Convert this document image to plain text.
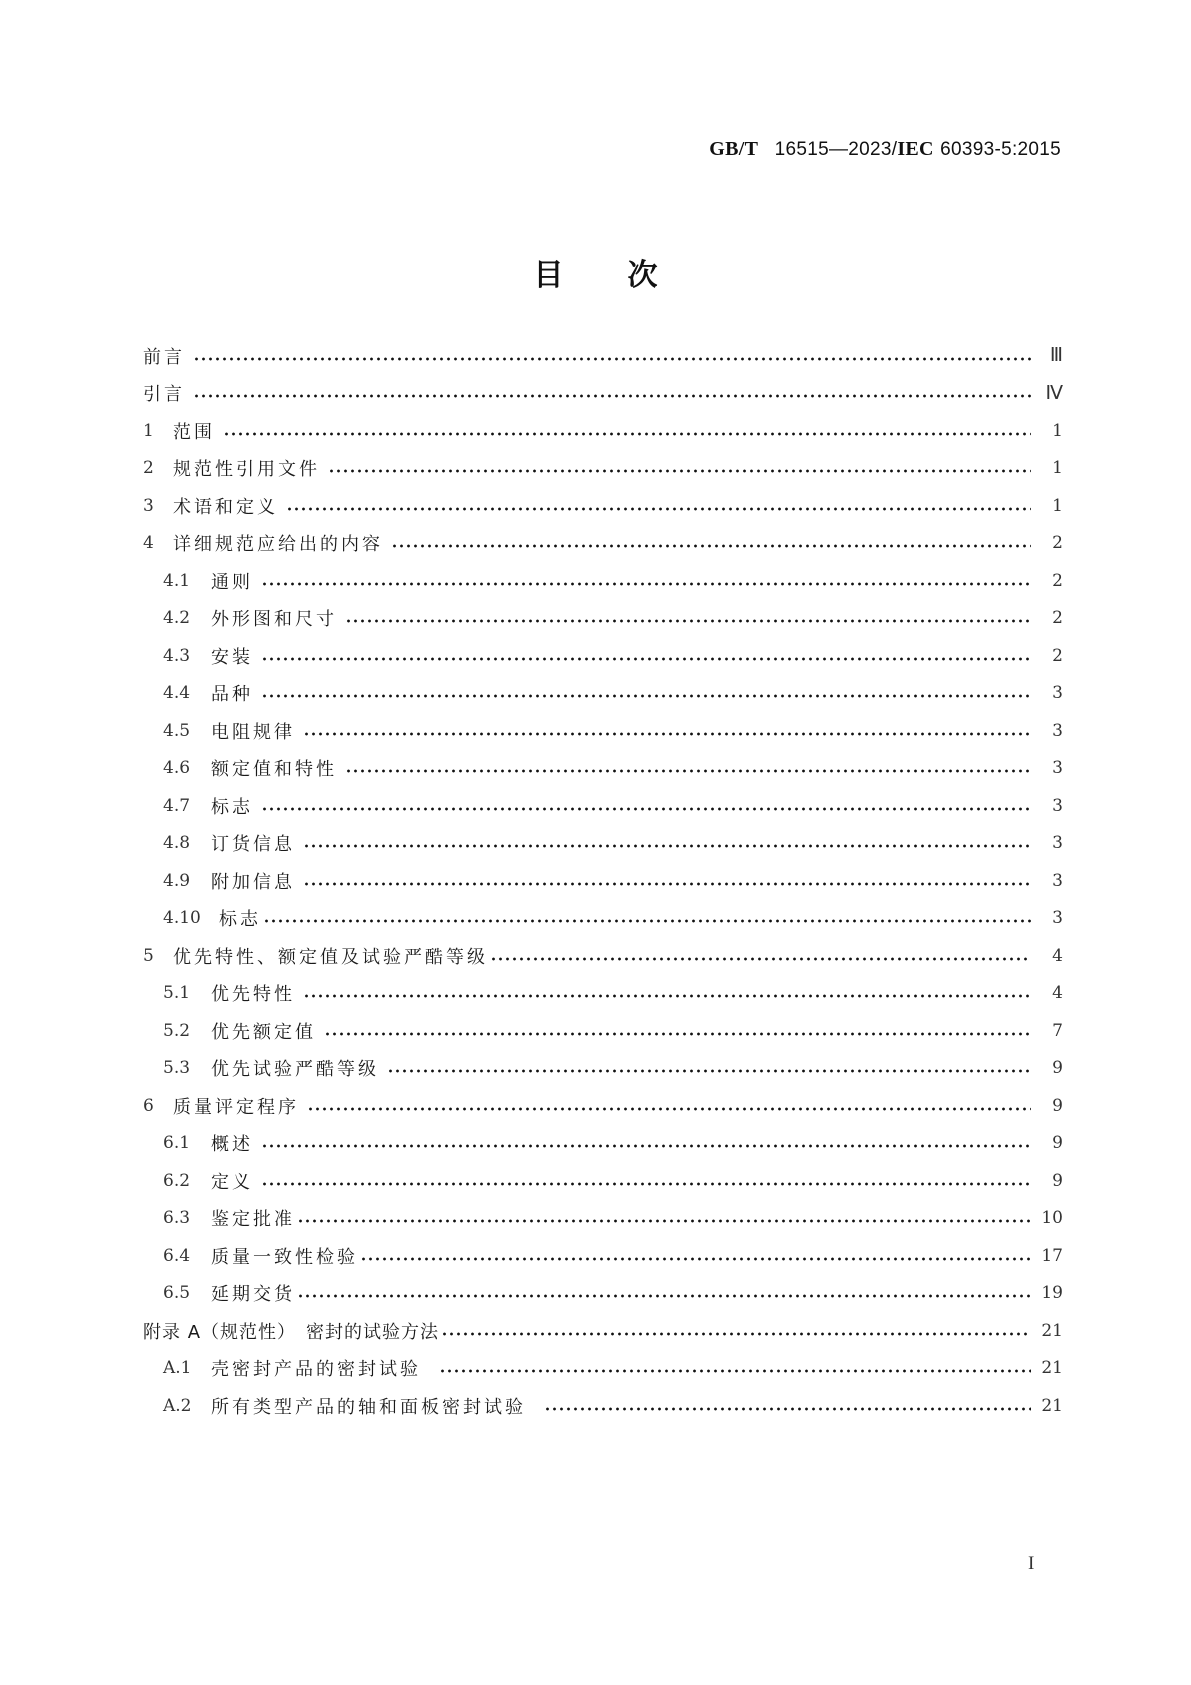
GB/T 16515—2023/IEC 60393-5:2015
目 次
前言	Ⅲ
引言	Ⅳ
1	范围	1
2	规范性引用文件	1
3	术语和定义	1
4	详细规范应给出的内容	2
4.1	通则	2
4.2	外形图和尺寸	2
4.3	安装	2
4.4	品种	3
4.5	电阻规律	3
4.6	额定值和特性	3
4.7	标志	3
4.8	订货信息	3
4.9	附加信息	3
4.10	标志	3
5	优先特性、额定值及试验严酷等级	4
5.1	优先特性	4
5.2	优先额定值	7
5.3	优先试验严酷等级	9
6	质量评定程序	9
6.1	概述	9
6.2	定义	9
6.3	鉴定批准	10
6.4	质量一致性检验	17
6.5	延期交货	19
附录 A（规范性）　密封的试验方法	21
A.1	壳密封产品的密封试验	21
A.2	所有类型产品的轴和面板密封试验	21
I
